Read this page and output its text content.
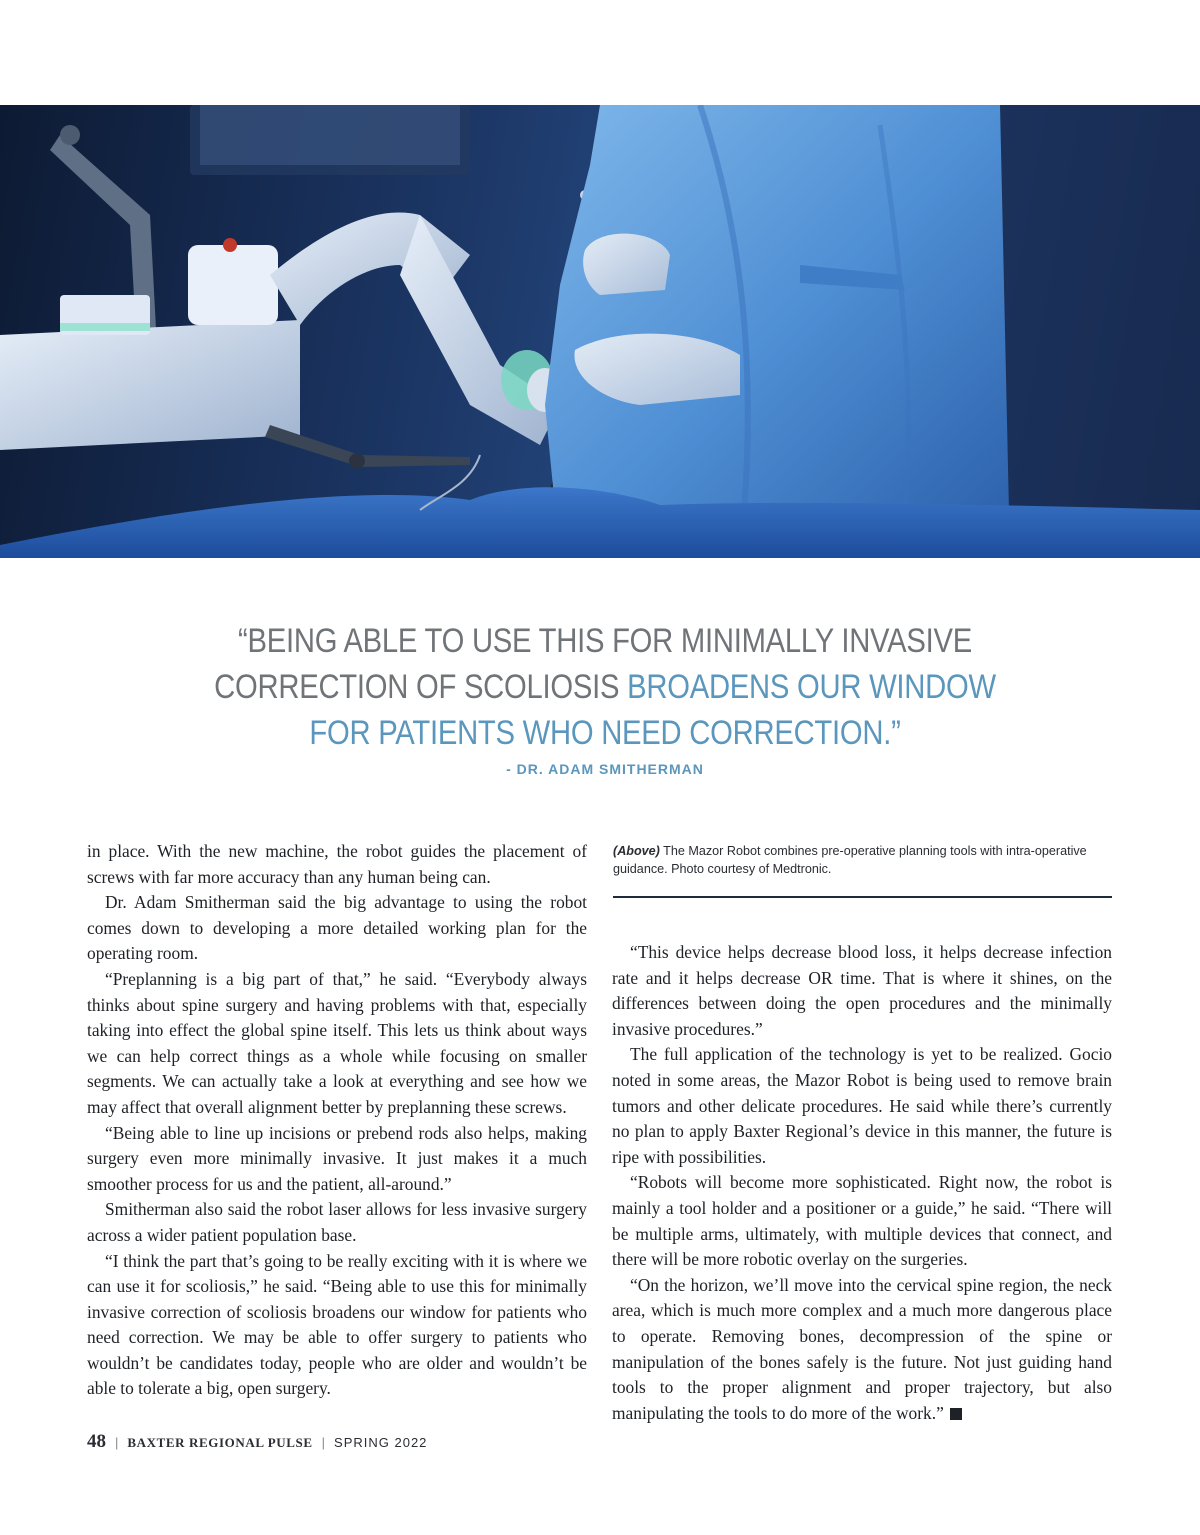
“BEING ABLE TO USE THIS FOR MINIMALLY INVASIVE CORRECTION OF SCOLIOSIS BROADENS OUR WINDOW FOR PATIENTS WHO NEED CORRECTION.”
- DR. ADAM SMITHERMAN

in place. With the new machine, the robot guides the placement of screws with far more accuracy than any human being can.

Dr. Adam Smitherman said the big advantage to using the robot comes down to developing a more detailed working plan for the operating room.

“Preplanning is a big part of that,” he said. “Everybody always thinks about spine surgery and having problems with that, especially taking into effect the global spine itself. This lets us think about ways we can help correct things as a whole while focusing on smaller segments. We can actually take a look at everything and see how we may affect that overall alignment better by preplanning these screws.

“Being able to line up incisions or prebend rods also helps, making surgery even more minimally invasive. It just makes it a much smoother process for us and the patient, all-around.”

Smitherman also said the robot laser allows for less invasive surgery across a wider patient population base.

“I think the part that’s going to be really exciting with it is where we can use it for scoliosis,” he said. “Being able to use this for minimally invasive correction of scoliosis broadens our window for patients who need correction. We may be able to offer surgery to patients who wouldn’t be candidates today, people who are older and wouldn’t be able to tolerate a big, open surgery.

(Above) The Mazor Robot combines pre-operative planning tools with intra-operative guidance. Photo courtesy of Medtronic.

“This device helps decrease blood loss, it helps decrease infection rate and it helps decrease OR time. That is where it shines, on the differences between doing the open procedures and the minimally invasive procedures.”

The full application of the technology is yet to be realized. Gocio noted in some areas, the Mazor Robot is being used to remove brain tumors and other delicate procedures. He said while there’s currently no plan to apply Baxter Regional’s device in this manner, the future is ripe with possibilities.

“Robots will become more sophisticated. Right now, the robot is mainly a tool holder and a positioner or a guide,” he said. “There will be multiple arms, ultimately, with multiple devices that connect, and there will be more robotic overlay on the surgeries.

“On the horizon, we’ll move into the cervical spine region, the neck area, which is much more complex and a much more dangerous place to operate. Removing bones, decompression of the spine or manipulation of the bones safely is the future. Not just guiding hand tools to the proper alignment and proper trajectory, but also manipulating the tools to do more of the work.”

48 | BAXTER REGIONAL PULSE | SPRING 2022
